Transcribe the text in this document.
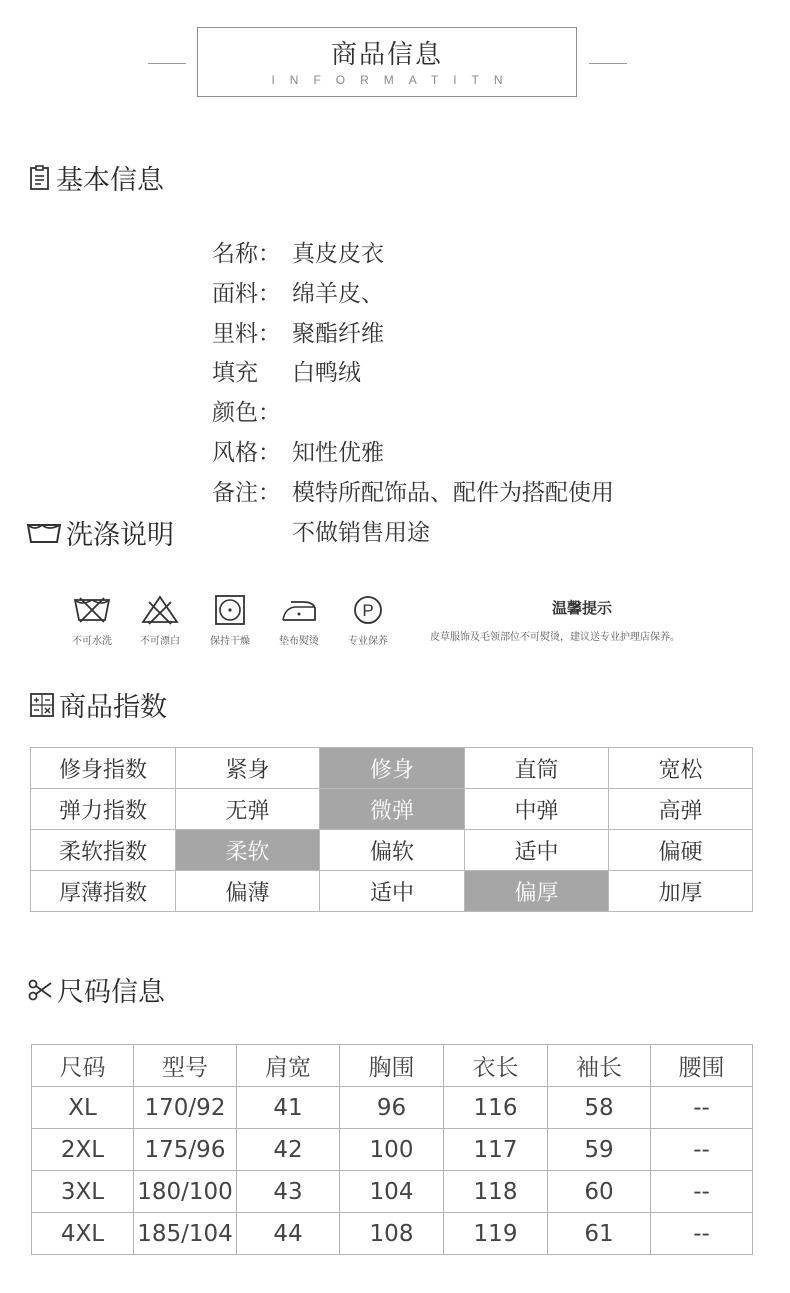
商品信息
INFORMATITN
基本信息
名称： 真皮皮衣
面料： 绵羊皮、
里料： 聚酯纤维
填充	白鸭绒
颜色：
风格： 知性优雅
备注： 模特所配饰品、配件为搭配使用
不做销售用途
洗涤说明
P
不可水洗	不可漂白	保持干燥	垫布熨烫	专业保养
温馨提示
皮草服饰及毛领部位不可熨烫，建议送专业护理店保养。
商品指数
修身指数	紧身	修身	直筒	宽松
弹力指数	无弹	微弹	中弹	高弹
柔软指数	柔软	偏软	适中	偏硬
厚薄指数	偏薄	适中	偏厚	加厚
尺码信息
尺码	型号	肩宽	胸围	衣长	袖长	腰围
XL	170/92	41	96	116	58	--
2XL	175/96	42	100	117	59	--
3XL	180/100	43	104	118	60	--
4XL	185/104	44	108	119	61	--
